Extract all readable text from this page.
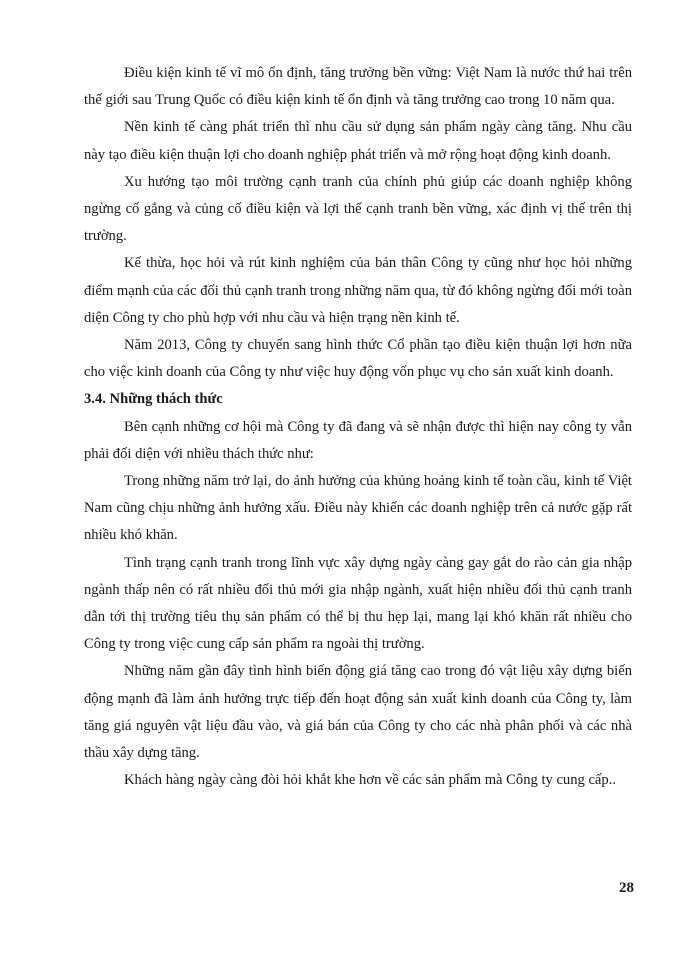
Điều kiện kinh tế vĩ mô ổn định, tăng trưởng bền vững: Việt Nam là nước thứ hai trên thế giới sau Trung Quốc có điều kiện kinh tế ổn định và tăng trưởng cao trong 10 năm qua.

Nền kinh tế càng phát triển thì nhu cầu sử dụng sản phẩm ngày càng tăng. Nhu cầu này tạo điều kiện thuận lợi cho doanh nghiệp phát triển và mở rộng hoạt động kinh doanh.

Xu hướng tạo môi trường cạnh tranh của chính phủ giúp các doanh nghiệp không ngừng cố gắng và củng cố điều kiện và lợi thế cạnh tranh bền vững, xác định vị thế trên thị trường.

Kế thừa, học hỏi và rút kinh nghiệm của bản thân Công ty cũng như học hỏi những điểm mạnh của các đối thủ cạnh tranh trong những năm qua, từ đó không ngừng đổi mới toàn diện Công ty cho phù hợp với nhu cầu và hiện trạng nền kinh tế.

Năm 2013, Công ty chuyển sang hình thức Cổ phần tạo điều kiện thuận lợi hơn nữa cho việc kinh doanh của Công ty như việc huy động vốn phục vụ cho sản xuất kinh doanh.

3.4. Những thách thức

Bên cạnh những cơ hội mà Công ty đã đang và sẽ nhận được thì hiện nay công ty vẫn phải đối diện với nhiều thách thức như:

Trong những năm trở lại, do ảnh hưởng của khủng hoảng kinh tế toàn cầu, kinh tế Việt Nam cũng chịu những ảnh hưởng xấu. Điều này khiến các doanh nghiệp trên cả nước gặp rất nhiều khó khăn.

Tình trạng cạnh tranh trong lĩnh vực xây dựng ngày càng gay gắt do rào cản gia nhập ngành thấp nên có rất nhiều đối thủ mới gia nhập ngành, xuất hiện nhiều đối thủ cạnh tranh dẫn tới thị trường tiêu thụ sản phẩm có thể bị thu hẹp lại, mang lại khó khăn rất nhiều cho Công ty trong việc cung cấp sản phẩm ra ngoài thị trường.

Những năm gần đây tình hình biến động giá tăng cao trong đó vật liệu xây dựng biến động mạnh đã làm ảnh hưởng trực tiếp đến hoạt động sản xuất kinh doanh của Công ty, làm tăng giá nguyên vật liệu đầu vào, và giá bán của Công ty cho các nhà phân phối và các nhà thầu xây dựng tăng.

Khách hàng ngày càng đòi hỏi khắt khe hơn về các sản phẩm mà Công ty cung cấp..

28
